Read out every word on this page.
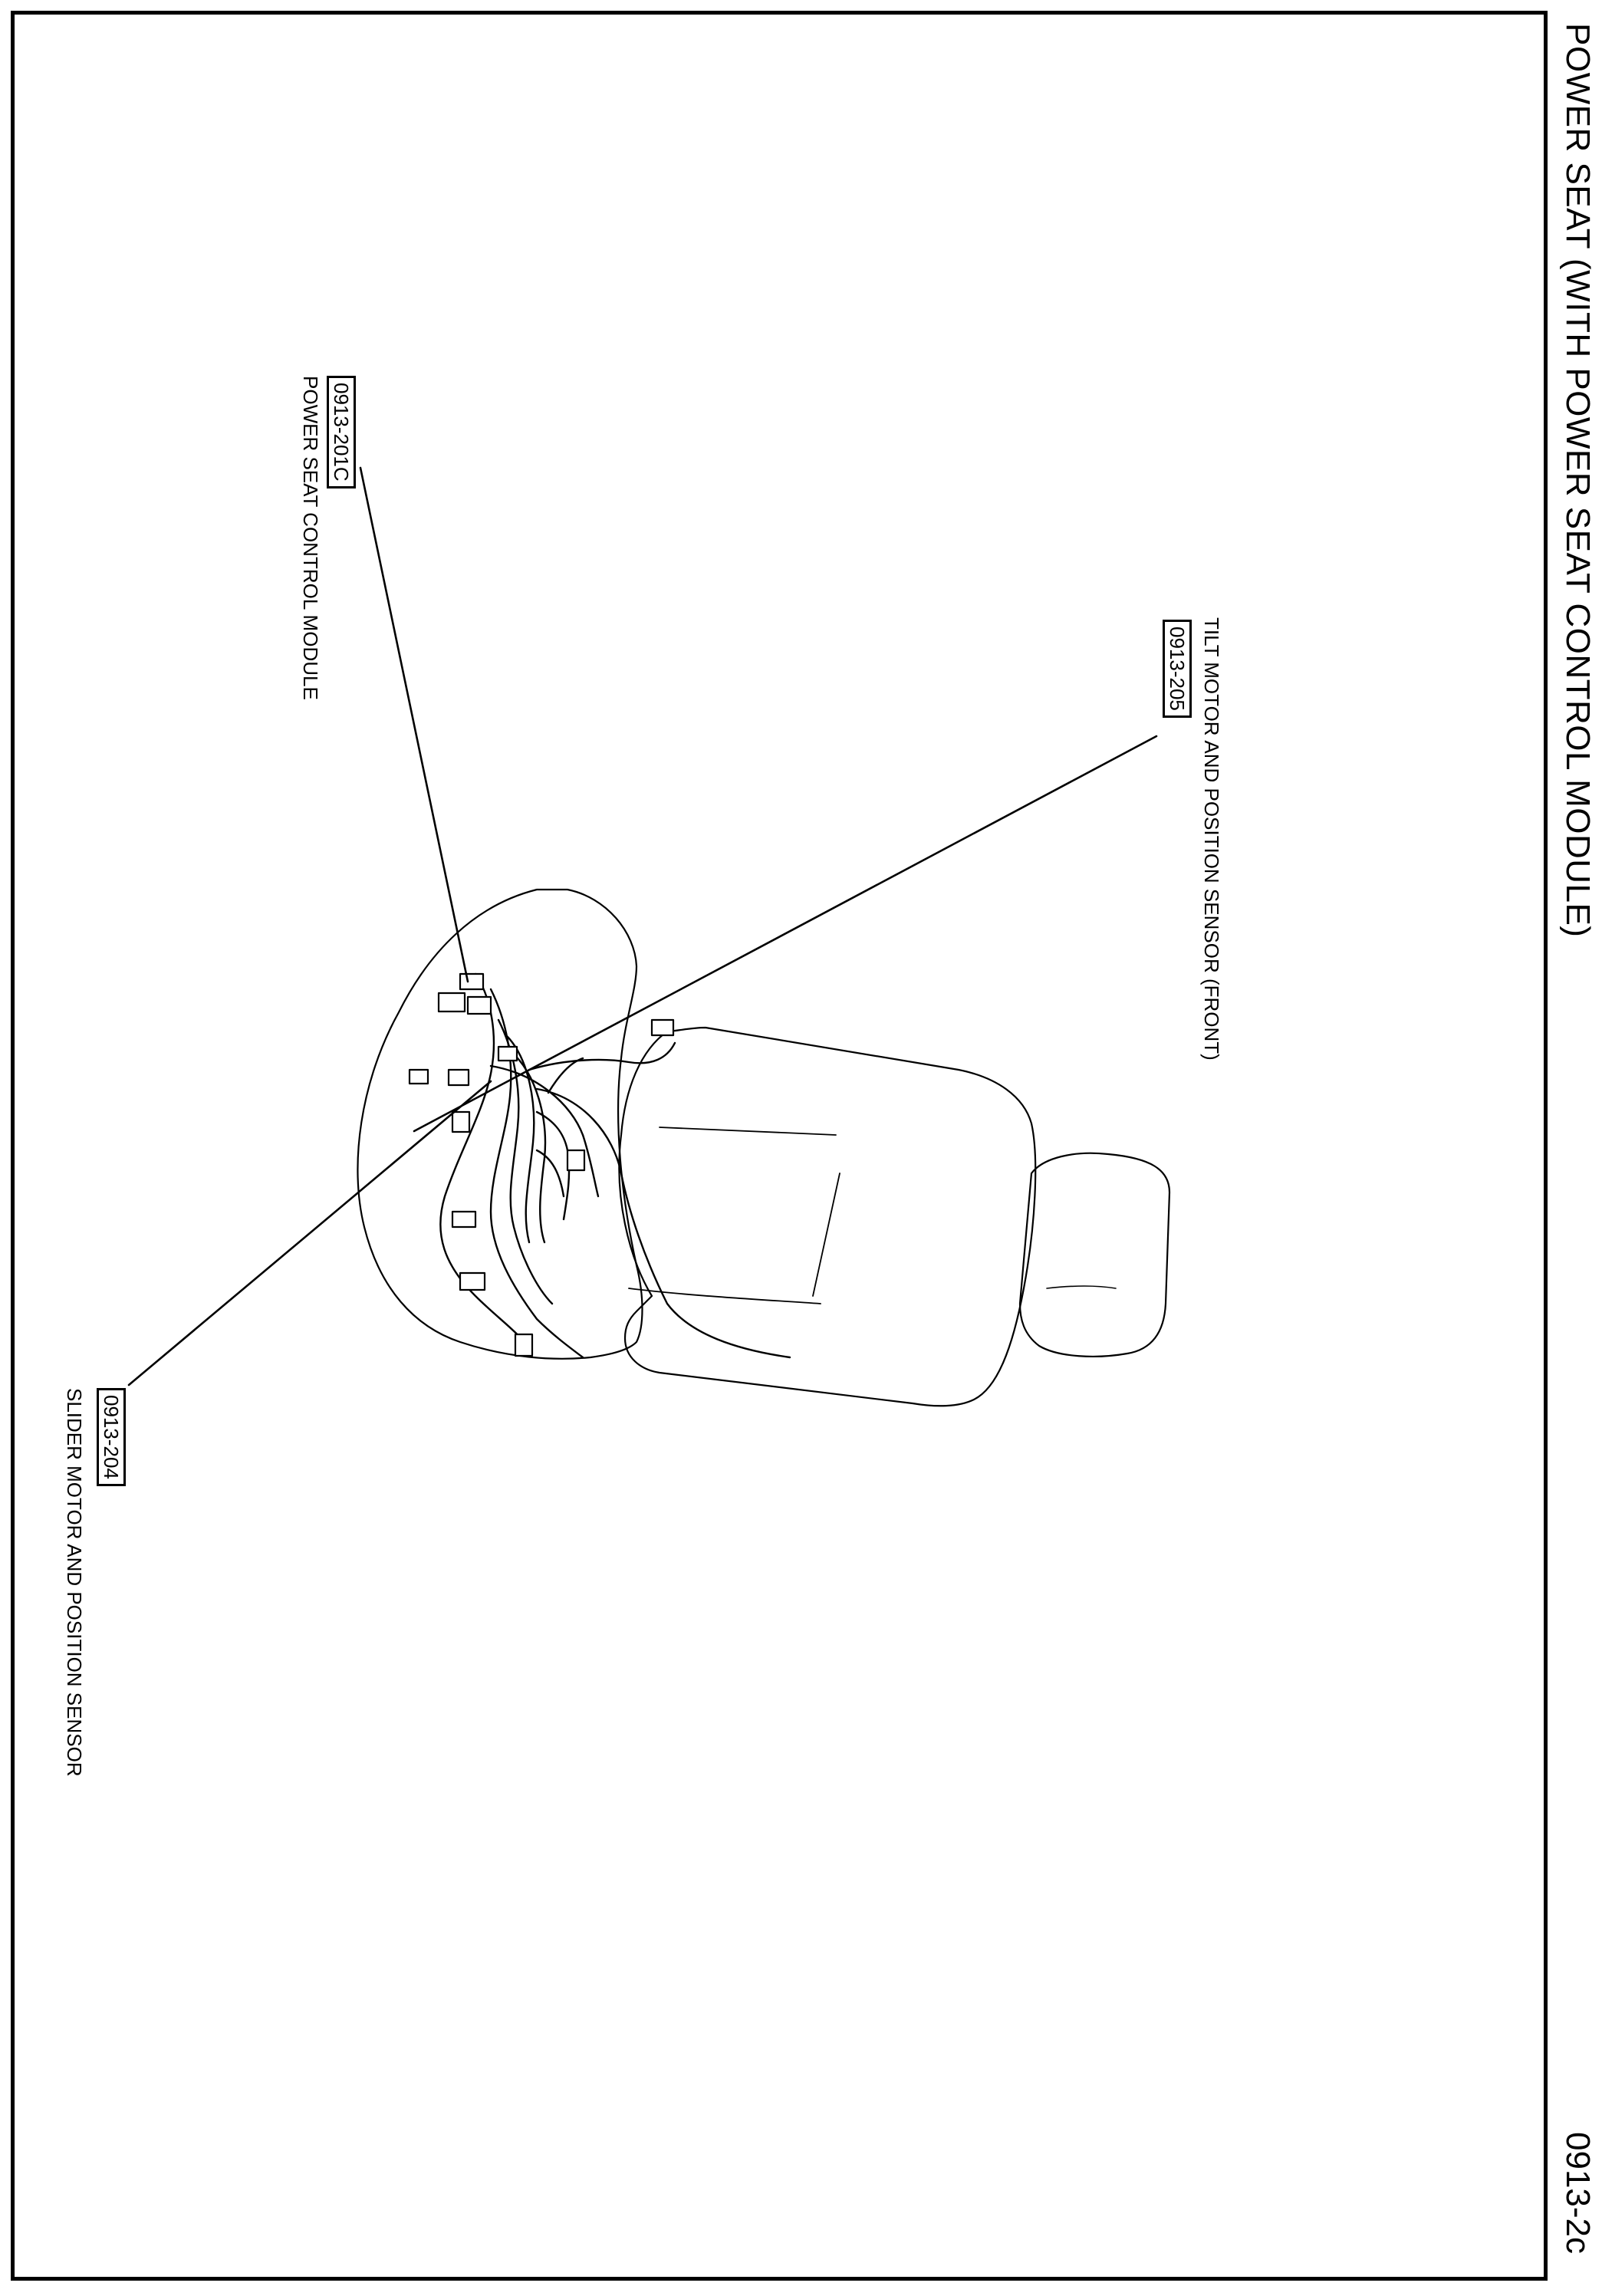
POWER SEAT (WITH POWER SEAT CONTROL MODULE)
0913-2c
0913-201C
POWER SEAT CONTROL MODULE	0913-205 TILT MOTOR AND POSITION SENSOR (FRONT)
0913-204
SLIDER MOTOR AND POSITION SENSOR
